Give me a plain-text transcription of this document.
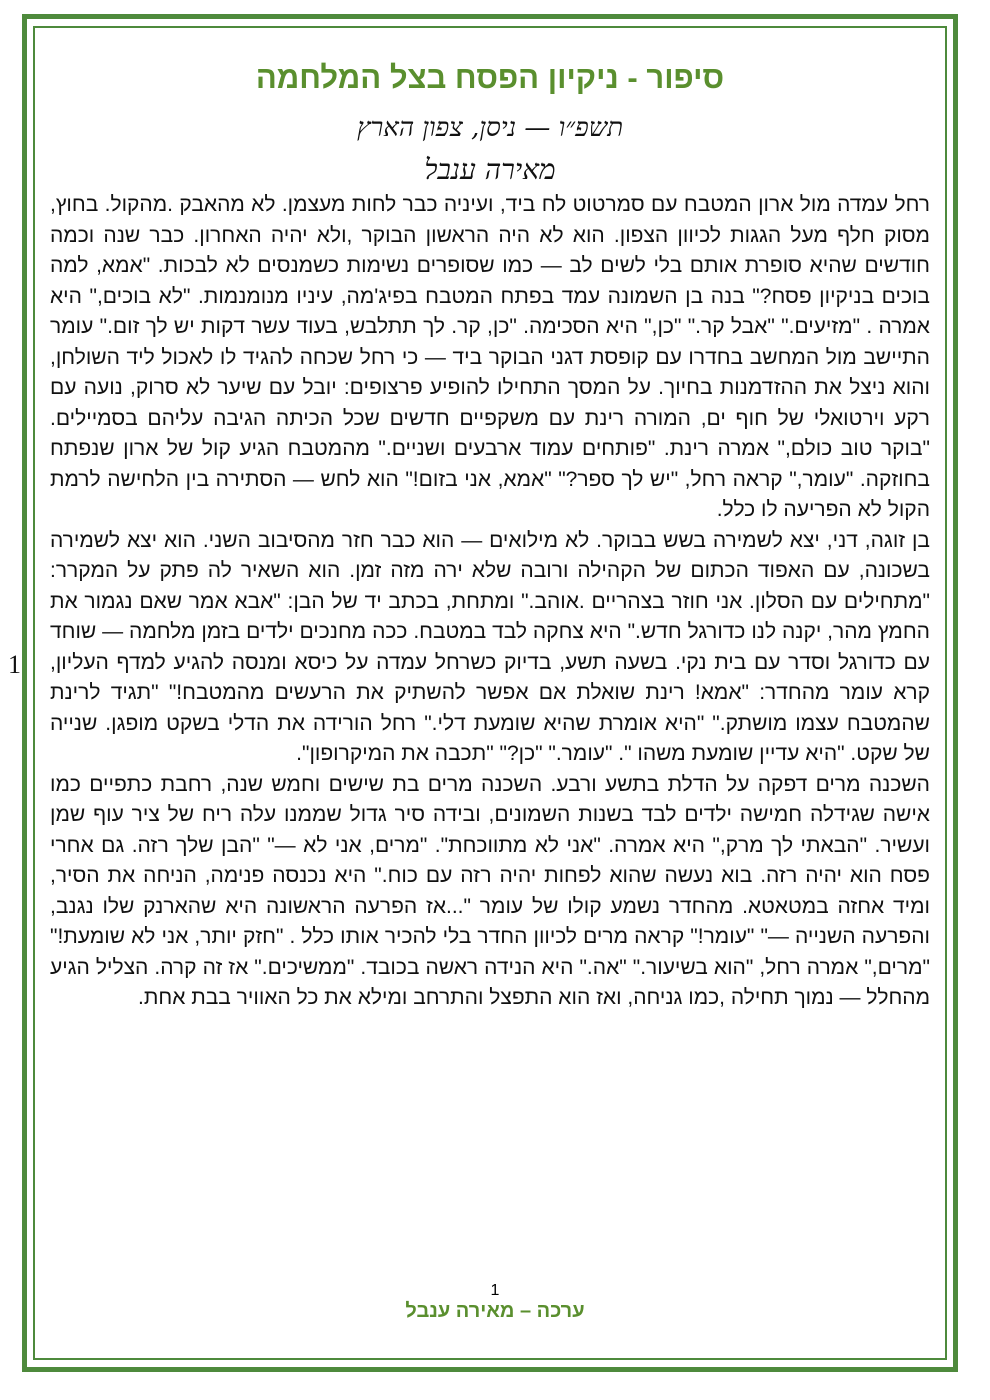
1
סיפור - ניקיון הפסח בצל המלחמה
תשפ״ו — ניסן, צפון הארץ
מאירה ענבל

רחל עמדה מול ארון המטבח עם סמרטוט לח ביד, ועיניה כבר לחות מעצמן. לא מהאבק .מהקול. בחוץ, מסוק חלף מעל הגגות לכיוון הצפון. הוא לא היה הראשון הבוקר ,ולא יהיה האחרון. כבר שנה וכמה חודשים שהיא סופרת אותם בלי לשים לב — כמו שסופרים נשימות כשמנסים לא לבכות. "אמא, למה בוכים בניקיון פסח?" בנה בן השמונה עמד בפתח המטבח בפיג'מה, עיניו מנומנמות. "לא בוכים," היא אמרה . "מזיעים." "אבל קר." "כן," היא הסכימה. "כן, קר. לך תתלבש, בעוד עשר דקות יש לך זום." עומר התיישב מול המחשב בחדרו עם קופסת דגני הבוקר ביד — כי רחל שכחה להגיד לו לאכול ליד השולחן, והוא ניצל את ההזדמנות בחיוך. על המסך התחילו להופיע פרצופים: יובל עם שיער לא סרוק, נועה עם רקע וירטואלי של חוף ים, המורה רינת עם משקפיים חדשים שכל הכיתה הגיבה עליהם בסמיילים. "בוקר טוב כולם," אמרה רינת. "פותחים עמוד ארבעים ושניים." מהמטבח הגיע קול של ארון שנפתח בחוזקה. "עומר," קראה רחל, "יש לך ספר?" "אמא, אני בזום!" הוא לחש — הסתירה בין הלחישה לרמת הקול לא הפריעה לו כלל.

בן זוגה, דני, יצא לשמירה בשש בבוקר. לא מילואים — הוא כבר חזר מהסיבוב השני. הוא יצא לשמירה בשכונה, עם האפוד הכתום של הקהילה ורובה שלא ירה מזה זמן. הוא השאיר לה פתק על המקרר: "מתחילים עם הסלון. אני חוזר בצהריים .אוהב." ומתחת, בכתב יד של הבן: "אבא אמר שאם נגמור את החמץ מהר, יקנה לנו כדורגל חדש." היא צחקה לבד במטבח. ככה מחנכים ילדים בזמן מלחמה — שוחד עם כדורגל וסדר עם בית נקי. בשעה תשע, בדיוק כשרחל עמדה על כיסא ומנסה להגיע למדף העליון, קרא עומר מהחדר: "אמא! רינת שואלת אם אפשר להשתיק את הרעשים מהמטבח!" "תגיד לרינת שהמטבח עצמו מושתק." "היא אומרת שהיא שומעת דלי." רחל הורידה את הדלי בשקט מופגן. שנייה של שקט. "היא עדיין שומעת משהו ". "עומר." "כן?" "תכבה את המיקרופון".

השכנה מרים דפקה על הדלת בתשע ורבע. השכנה מרים בת שישים וחמש שנה, רחבת כתפיים כמו אישה שגידלה חמישה ילדים לבד בשנות השמונים, ובידה סיר גדול שממנו עלה ריח של ציר עוף שמן ועשיר. "הבאתי לך מרק," היא אמרה. "אני לא מתווכחת". "מרים, אני לא —" "הבן שלך רזה. גם אחרי פסח הוא יהיה רזה. בוא נעשה שהוא לפחות יהיה רזה עם כוח." היא נכנסה פנימה, הניחה את הסיר, ומיד אחזה במטאטא. מהחדר נשמע קולו של עומר "...אז הפרעה הראשונה היא שהארנק שלו נגנב, והפרעה השנייה —" "עומר!" קראה מרים לכיוון החדר בלי להכיר אותו כלל . "חזק יותר, אני לא שומעת!" "מרים," אמרה רחל, "הוא בשיעור." "אה." היא הנידה ראשה בכובד. "ממשיכים." אז זה קרה. הצליל הגיע מהחלל — נמוך תחילה ,כמו גניחה, ואז הוא התפצל והתרחב ומילא את כל האוויר בבת אחת.

1
ערכה – מאירה ענבל
